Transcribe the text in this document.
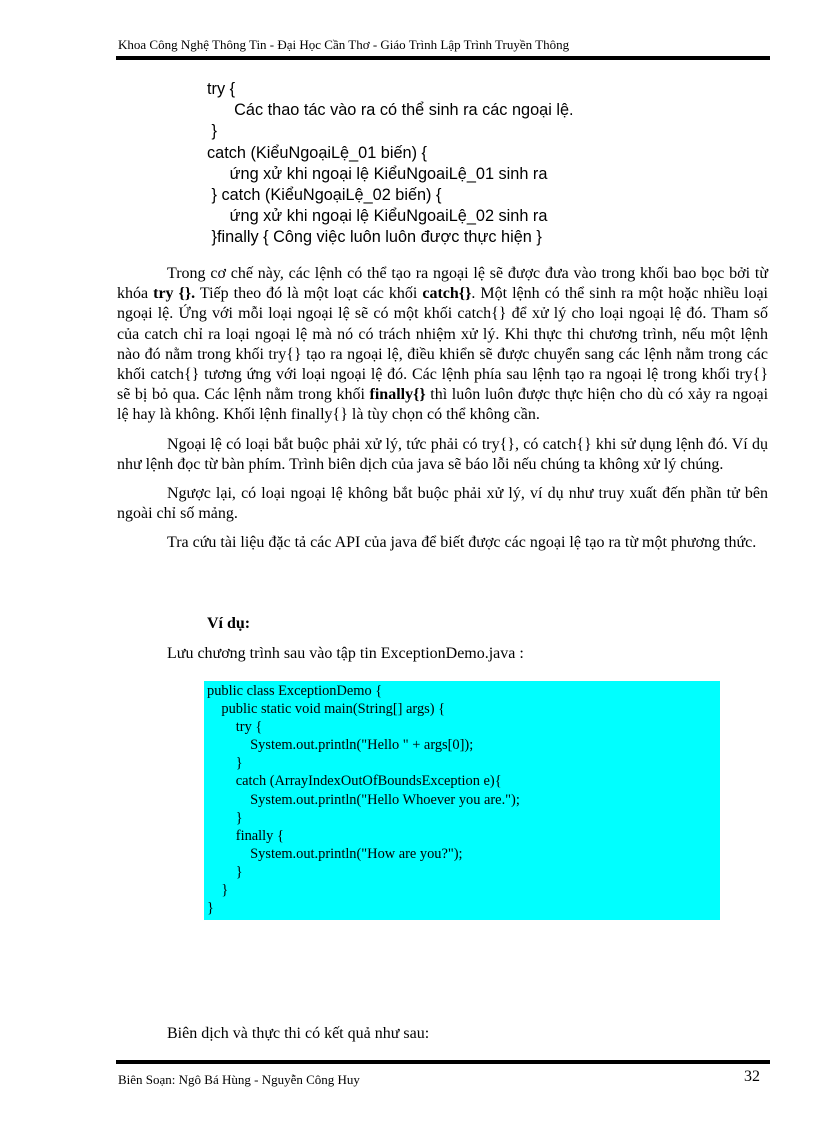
Khoa Công Nghệ Thông Tin - Đại Học Cần Thơ - Giáo Trình Lập Trình Truyền Thông
try {
Các thao tác vào ra có thể sinh ra các ngoại lệ.
}
catch (KiểuNgoạiLệ_01 biến) {
ứng xử khi ngoại lệ KiểuNgoaiLệ_01 sinh ra
} catch (KiểuNgoạiLệ_02 biến) {
ứng xử khi ngoại lệ KiểuNgoaiLệ_02 sinh ra
}finally { Công việc luôn luôn được thực hiện }

Trong cơ chế này, các lệnh có thể tạo ra ngoại lệ sẽ được đưa vào trong khối bao bọc bởi từ khóa try {}. Tiếp theo đó là một loạt các khối catch{}. Một lệnh có thể sinh ra một hoặc nhiều loại ngoại lệ. Ứng với mỗi loại ngoại lệ sẽ có một khối catch{} để xử lý cho loại ngoại lệ đó. Tham số của catch chỉ ra loại ngoại lệ mà nó có trách nhiệm xử lý. Khi thực thi chương trình, nếu một lệnh nào đó nằm trong khối try{} tạo ra ngoại lệ, điều khiển sẽ được chuyển sang các lệnh nằm trong các khối catch{} tương ứng với loại ngoại lệ đó. Các lệnh phía sau lệnh tạo ra ngoại lệ trong khối try{} sẽ bị bỏ qua. Các lệnh nằm trong khối finally{} thì luôn luôn được thực hiện cho dù có xảy ra ngoại lệ hay là không. Khối lệnh finally{} là tùy chọn có thể không cần.

Ngoại lệ có loại bắt buộc phải xử lý, tức phải có try{}, có catch{} khi sử dụng lệnh đó. Ví dụ như lệnh đọc từ bàn phím. Trình biên dịch của java sẽ báo lỗi nếu chúng ta không xử lý chúng.

Ngược lại, có loại ngoại lệ không bắt buộc phải xử lý, ví dụ như truy xuất đến phần tử bên ngoài chỉ số mảng.

Tra cứu tài liệu đặc tả các API của java để biết được các ngoại lệ tạo ra từ một phương thức.

Ví dụ:
Lưu chương trình sau vào tập tin ExceptionDemo.java :
public class ExceptionDemo {
public static void main(String[] args) {
try {
System.out.println("Hello " + args[0]);
}
catch (ArrayIndexOutOfBoundsException e){
System.out.println("Hello Whoever you are.");
}
finally {
System.out.println("How are you?");
}
}
}
Biên dịch và thực thi có kết quả như sau:
Biên Soạn: Ngô Bá Hùng - Nguyễn Công Huy	32
